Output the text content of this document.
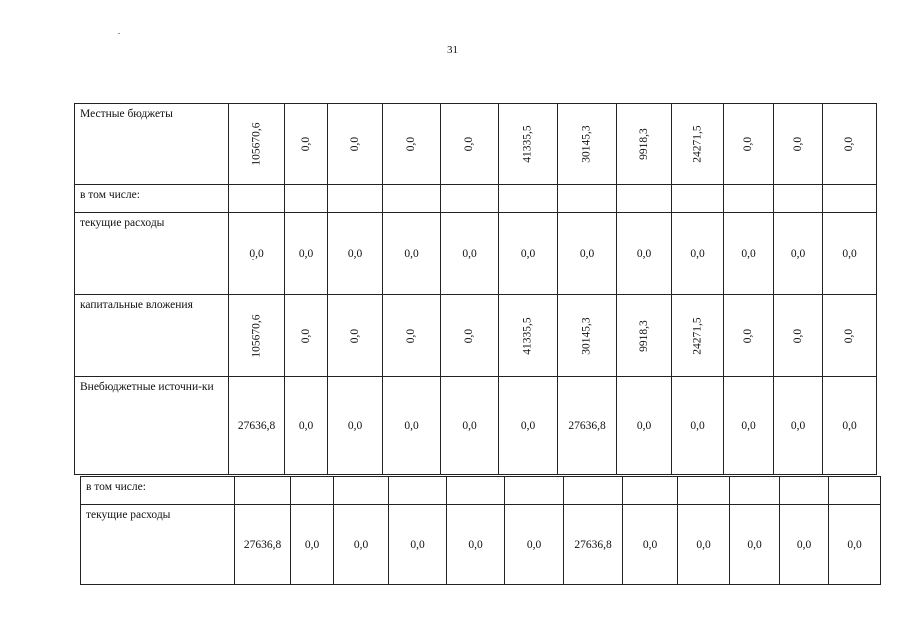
31
Местные бюджеты	105670,6	0,0	0,0	0,0	0,0	41335,5	30145,3	9918,3	24271,5	0,0	0,0	0,0
в том числе:												
текущие расходы	0,0	0,0	0,0	0,0	0,0	0,0	0,0	0,0	0,0	0,0	0,0	0,0
капитальные вложения	105670,6	0,0	0,0	0,0	0,0	41335,5	30145,3	9918,3	24271,5	0,0	0,0	0,0
Внебюджетные источни-ки	27636,8	0,0	0,0	0,0	0,0	0,0	27636,8	0,0	0,0	0,0	0,0	0,0
в том числе:												
текущие расходы	27636,8	0,0	0,0	0,0	0,0	0,0	27636,8	0,0	0,0	0,0	0,0	0,0
